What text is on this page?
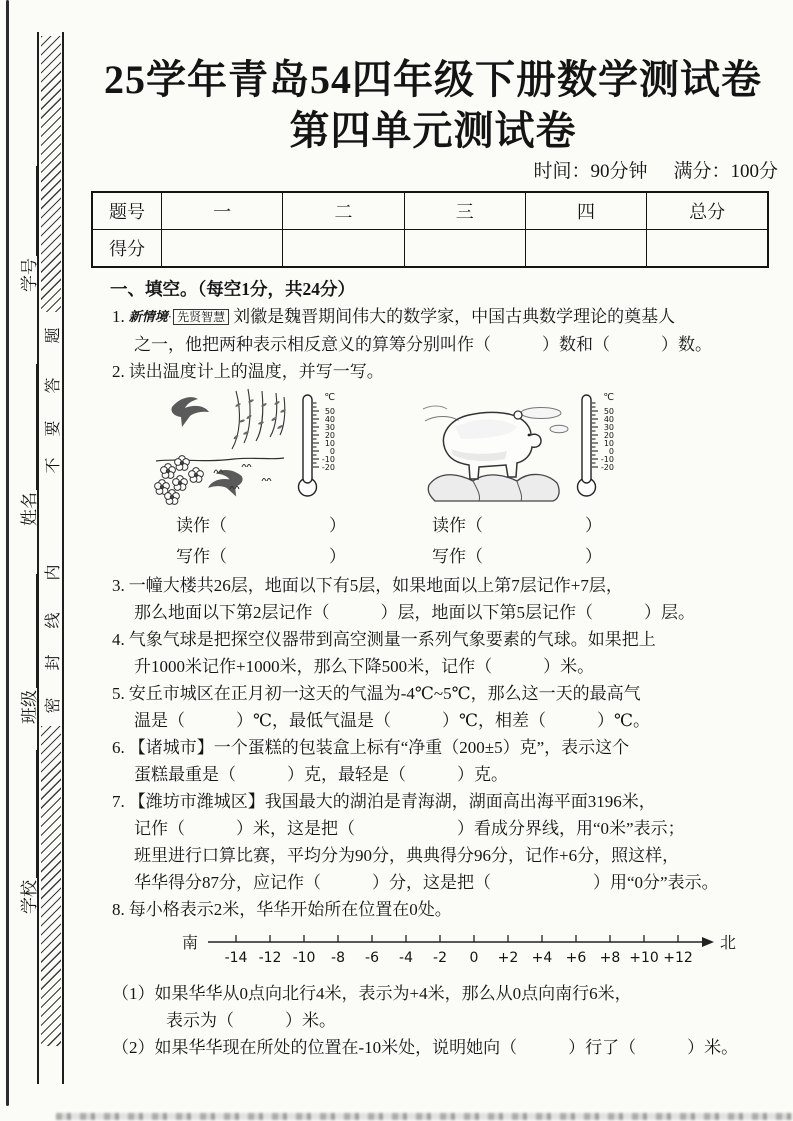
题
答
要
不
内
线
封
密
学号
姓名
班级
学校
25学年青岛54四年级下册数学测试卷
第四单元测试卷
时间：90分钟 满分：100分
题号	一	二	三	四	总分
得分					
一、填空。（每空1分，共24分）
1. 新情境· 先贤智慧 刘徽是魏晋期间伟大的数学家，中国古典数学理论的奠基人
之一，他把两种表示相反意义的算筹分别叫作（　　　）数和（　　　）数。
2. 读出温度计上的温度，并写一写。
℃
50
40
30
20
10
0
-10
-20
℃
50
40
30
20
10
0
-10
-20
读作（　　　　　　）	读作（　　　　　　）
写作（　　　　　　）	写作（　　　　　　）
3. 一幢大楼共26层，地面以下有5层，如果地面以上第7层记作+7层，
那么地面以下第2层记作（　　　）层，地面以下第5层记作（　　　）层。
4. 气象气球是把探空仪器带到高空测量一系列气象要素的气球。如果把上
升1000米记作+1000米，那么下降500米，记作（　　　）米。
5. 安丘市城区在正月初一这天的气温为-4℃~5℃，那么这一天的最高气
温是（　　　）℃，最低气温是（　　　）℃，相差（　　　）℃。
6. 【诸城市】一个蛋糕的包装盒上标有“净重（200±5）克”，表示这个
蛋糕最重是（　　　）克，最轻是（　　　）克。
7. 【潍坊市潍城区】我国最大的湖泊是青海湖，湖面高出海平面3196米，
记作（　　　）米，这是把（　　　　　　）看成分界线，用“0米”表示；
班里进行口算比赛，平均分为90分，典典得分96分，记作+6分，照这样，
华华得分87分，应记作（　　　）分，这是把（　　　　　　）用“0分”表示。
8. 每小格表示2米，华华开始所在位置在0处。
南	北
-14 -12 -10 -8 -6 -4 -2 0 +2 +4 +6 +8 +10 +12
（1）如果华华从0点向北行4米，表示为+4米，那么从0点向南行6米，
表示为（　　　）米。
（2）如果华华现在所处的位置在-10米处，说明她向（　　　）行了（　　　）米。
